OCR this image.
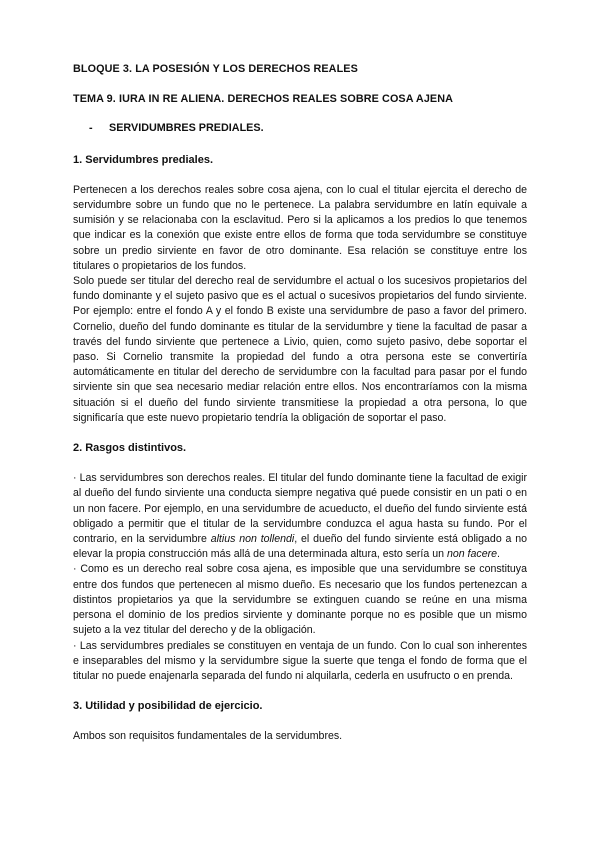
BLOQUE 3. LA POSESIÓN Y LOS DERECHOS REALES
TEMA 9. IURA IN RE ALIENA. DERECHOS REALES SOBRE COSA AJENA
-	SERVIDUMBRES PREDIALES.
1. Servidumbres prediales.

Pertenecen a los derechos reales sobre cosa ajena, con lo cual el titular ejercita el derecho de servidumbre sobre un fundo que no le pertenece. La palabra servidumbre en latín equivale a sumisión y se relacionaba con la esclavitud. Pero si la aplicamos a los predios lo que tenemos que indicar es la conexión que existe entre ellos de forma que toda servidumbre se constituye sobre un predio sirviente en favor de otro dominante. Esa relación se constituye entre los titulares o propietarios de los fundos.

Solo puede ser titular del derecho real de servidumbre el actual o los sucesivos propietarios del fundo dominante y el sujeto pasivo que es el actual o sucesivos propietarios del fundo sirviente. Por ejemplo: entre el fondo A y el fondo B existe una servidumbre de paso a favor del primero. Cornelio, dueño del fundo dominante es titular de la servidumbre y tiene la facultad de pasar a través del fundo sirviente que pertenece a Livio, quien, como sujeto pasivo, debe soportar el paso. Si Cornelio transmite la propiedad del fundo a otra persona este se convertiría automáticamente en titular del derecho de servidumbre con la facultad para pasar por el fundo sirviente sin que sea necesario mediar relación entre ellos. Nos encontraríamos con la misma situación si el dueño del fundo sirviente transmitiese la propiedad a otra persona, lo que significaría que este nuevo propietario tendría la obligación de soportar el paso.

2. Rasgos distintivos.

· Las servidumbres son derechos reales. El titular del fundo dominante tiene la facultad de exigir al dueño del fundo sirviente una conducta siempre negativa qué puede consistir en un pati o en un non facere. Por ejemplo, en una servidumbre de acueducto, el dueño del fundo sirviente está obligado a permitir que el titular de la servidumbre conduzca el agua hasta su fundo. Por el contrario, en la servidumbre altius non tollendi, el dueño del fundo sirviente está obligado a no elevar la propia construcción más allá de una determinada altura, esto sería un non facere.

· Como es un derecho real sobre cosa ajena, es imposible que una servidumbre se constituya entre dos fundos que pertenecen al mismo dueño. Es necesario que los fundos pertenezcan a distintos propietarios ya que la servidumbre se extinguen cuando se reúne en una misma persona el dominio de los predios sirviente y dominante porque no es posible que un mismo sujeto a la vez titular del derecho y de la obligación.

· Las servidumbres prediales se constituyen en ventaja de un fundo. Con lo cual son inherentes e inseparables del mismo y la servidumbre sigue la suerte que tenga el fondo de forma que el titular no puede enajenarla separada del fundo ni alquilarla, cederla en usufructo o en prenda.

3. Utilidad y posibilidad de ejercicio.

Ambos son requisitos fundamentales de la servidumbres.
